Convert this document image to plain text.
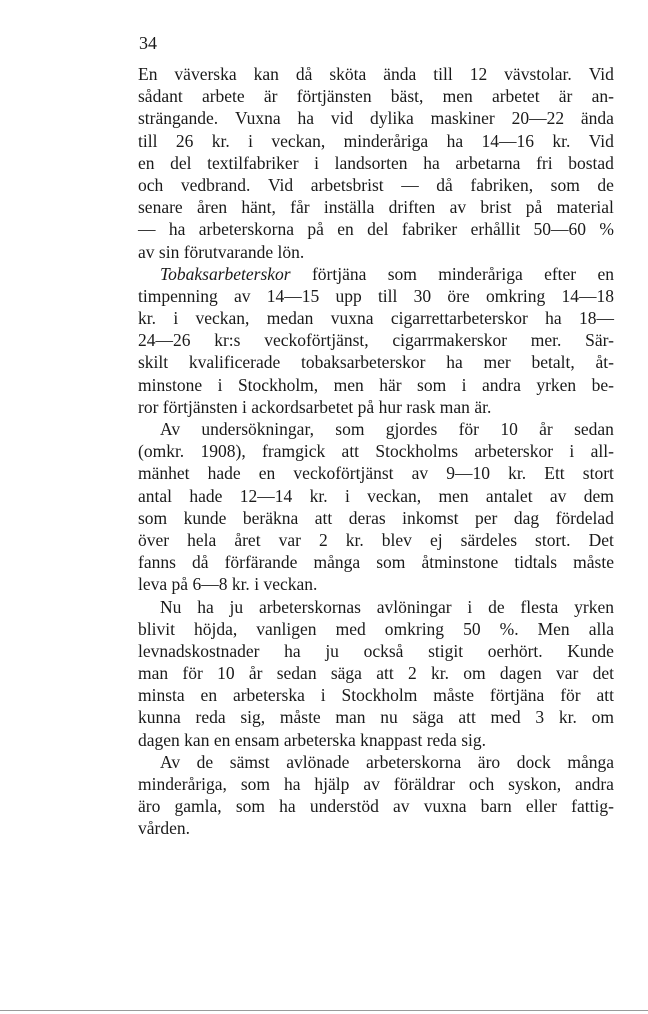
34
En väverska kan då sköta ända till 12 vävstolar. Vid
sådant arbete är förtjänsten bäst, men arbetet är an-
strängande. Vuxna ha vid dylika maskiner 20—22 ända
till 26 kr. i veckan, minderåriga ha 14—16 kr. Vid
en del textilfabriker i landsorten ha arbetarna fri bostad
och vedbrand. Vid arbetsbrist — då fabriken, som de
senare åren hänt, får inställa driften av brist på material
— ha arbeterskorna på en del fabriker erhållit 50—60 %
av sin förutvarande lön.
Tobaksarbeterskor förtjäna som minderåriga efter en
timpenning av 14—15 upp till 30 öre omkring 14—18
kr. i veckan, medan vuxna cigarrettarbeterskor ha 18—
24—26 kr:s veckoförtjänst, cigarrmakerskor mer. Sär-
skilt kvalificerade tobaksarbeterskor ha mer betalt, åt-
minstone i Stockholm, men här som i andra yrken be-
ror förtjänsten i ackordsarbetet på hur rask man är.
Av undersökningar, som gjordes för 10 år sedan
(omkr. 1908), framgick att Stockholms arbeterskor i all-
mänhet hade en veckoförtjänst av 9—10 kr. Ett stort
antal hade 12—14 kr. i veckan, men antalet av dem
som kunde beräkna att deras inkomst per dag fördelad
över hela året var 2 kr. blev ej särdeles stort. Det
fanns då förfärande många som åtminstone tidtals måste
leva på 6—8 kr. i veckan.
Nu ha ju arbeterskornas avlöningar i de flesta yrken
blivit höjda, vanligen med omkring 50 %. Men alla
levnadskostnader ha ju också stigit oerhört. Kunde
man för 10 år sedan säga att 2 kr. om dagen var det
minsta en arbeterska i Stockholm måste förtjäna för att
kunna reda sig, måste man nu säga att med 3 kr. om
dagen kan en ensam arbeterska knappast reda sig.
Av de sämst avlönade arbeterskorna äro dock många
minderåriga, som ha hjälp av föräldrar och syskon, andra
äro gamla, som ha understöd av vuxna barn eller fattig-
vården.
